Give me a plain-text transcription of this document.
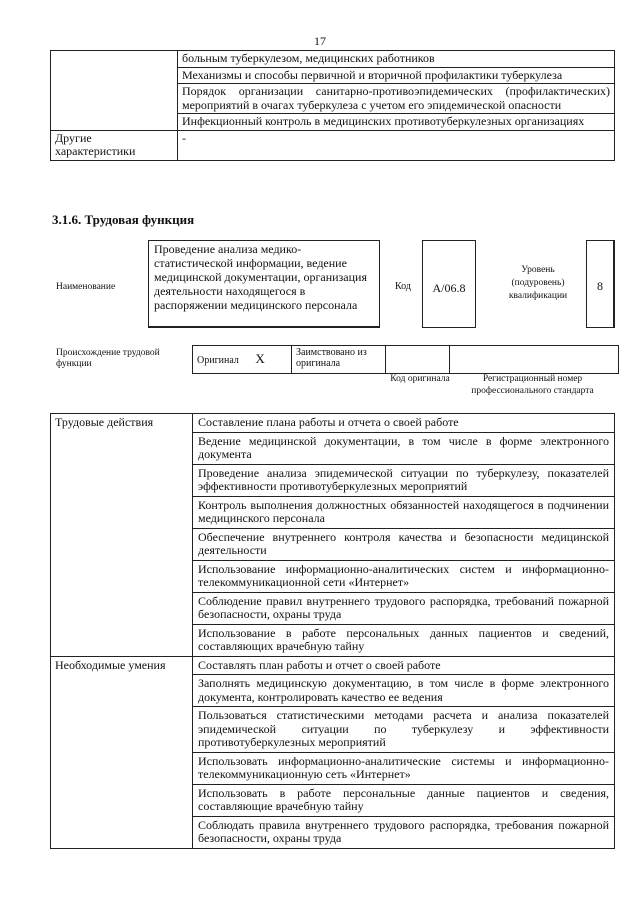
17
	больным туберкулезом, медицинских работников
	Механизмы и способы первичной и вторичной профилактики туберкулеза
	Порядок организации санитарно-противоэпидемических (профилактических) мероприятий в очагах туберкулеза с учетом его эпидемической опасности
	Инфекционный контроль в медицинских противотуберкулезных организациях
Другие характеристики	-
3.1.6. Трудовая функция
Наименование
Проведение анализа медико-статистической информации, ведение медицинской документации, организация деятельности находящегося в распоряжении медицинского персонала
Код	A/06.8
Уровень (подуровень) квалификации
8
Происхождение трудовой функции	Оригинал X	Заимствовано из оригинала		
Код оригинала	Регистрационный номер профессионального стандарта
Трудовые действия	Составление плана работы и отчета о своей работе
	Ведение медицинской документации, в том числе в форме электронного документа
	Проведение анализа эпидемической ситуации по туберкулезу, показателей эффективности противотуберкулезных мероприятий
	Контроль выполнения должностных обязанностей находящегося в подчинении медицинского персонала
	Обеспечение внутреннего контроля качества и безопасности медицинской деятельности
	Использование информационно-аналитических систем и информационно-телекоммуникационной сети «Интернет»
	Соблюдение правил внутреннего трудового распорядка, требований пожарной безопасности, охраны труда
	Использование в работе персональных данных пациентов и сведений, составляющих врачебную тайну
Необходимые умения	Составлять план работы и отчет о своей работе
	Заполнять медицинскую документацию, в том числе в форме электронного документа, контролировать качество ее ведения
	Пользоваться статистическими методами расчета и анализа показателей эпидемической ситуации по туберкулезу и эффективности противотуберкулезных мероприятий
	Использовать информационно-аналитические системы и информационно-телекоммуникационную сеть «Интернет»
	Использовать в работе персональные данные пациентов и сведения, составляющие врачебную тайну
	Соблюдать правила внутреннего трудового распорядка, требования пожарной безопасности, охраны труда
